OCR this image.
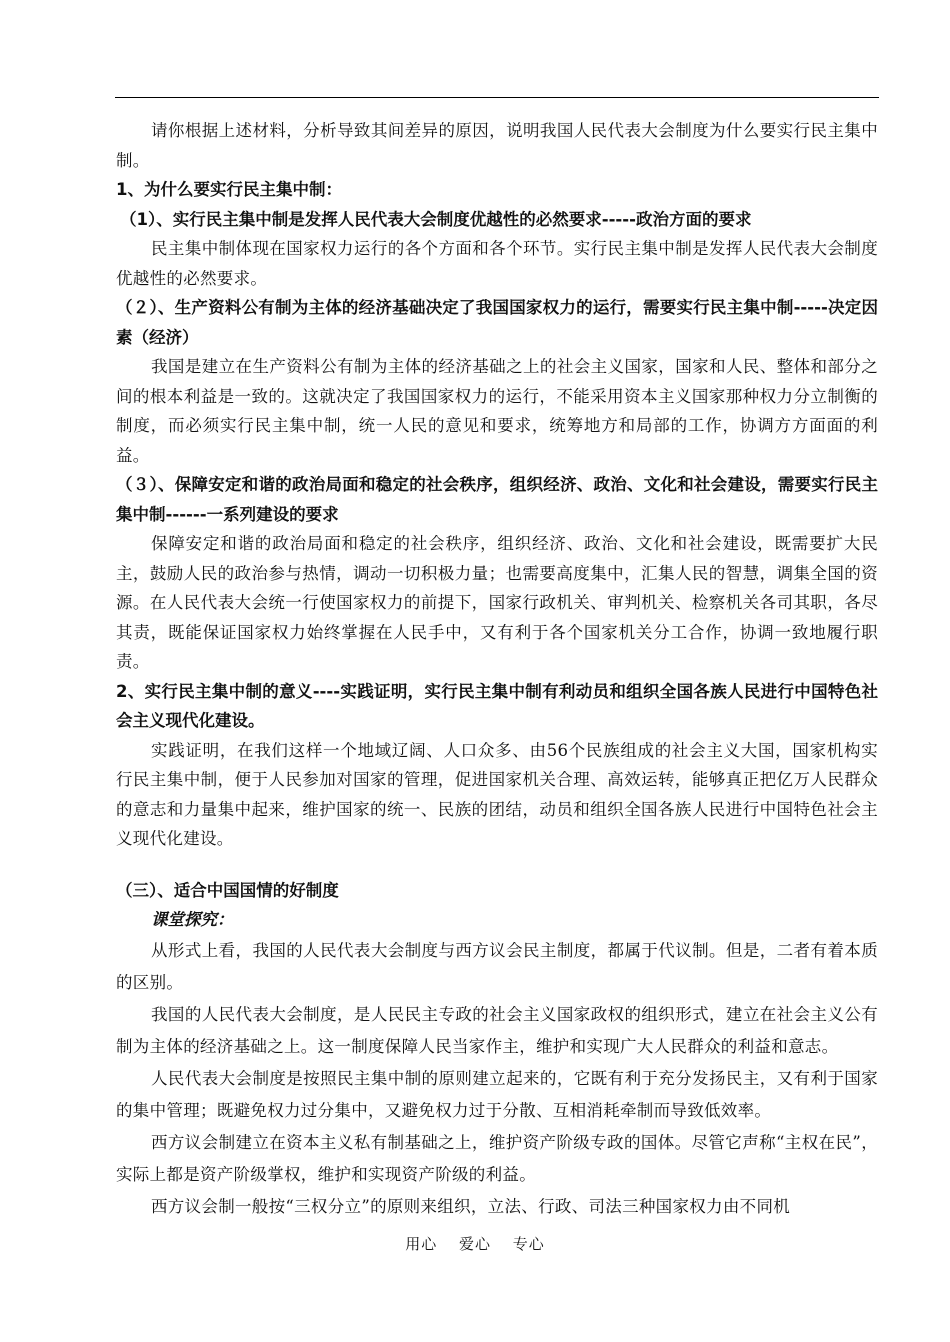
请你根据上述材料，分析导致其间差异的原因，说明我国人民代表大会制度为什么要实行民主集中制。

1、为什么要实行民主集中制：

（1）、实行民主集中制是发挥人民代表大会制度优越性的必然要求-----政治方面的要求

民主集中制体现在国家权力运行的各个方面和各个环节。实行民主集中制是发挥人民代表大会制度优越性的必然要求。

（２）、生产资料公有制为主体的经济基础决定了我国国家权力的运行，需要实行民主集中制-----决定因素（经济）

我国是建立在生产资料公有制为主体的经济基础之上的社会主义国家，国家和人民、整体和部分之间的根本利益是一致的。这就决定了我国国家权力的运行，不能采用资本主义国家那种权力分立制衡的制度，而必须实行民主集中制，统一人民的意见和要求，统筹地方和局部的工作，协调方方面面的利益。

（３）、保障安定和谐的政治局面和稳定的社会秩序，组织经济、政治、文化和社会建设，需要实行民主集中制------一系列建设的要求

保障安定和谐的政治局面和稳定的社会秩序，组织经济、政治、文化和社会建设，既需要扩大民主，鼓励人民的政治参与热情，调动一切积极力量；也需要高度集中，汇集人民的智慧，调集全国的资源。在人民代表大会统一行使国家权力的前提下，国家行政机关、审判机关、检察机关各司其职，各尽其责，既能保证国家权力始终掌握在人民手中，又有利于各个国家机关分工合作，协调一致地履行职责。

2、实行民主集中制的意义----实践证明，实行民主集中制有利动员和组织全国各族人民进行中国特色社会主义现代化建设。

实践证明，在我们这样一个地域辽阔、人口众多、由56个民族组成的社会主义大国，国家机构实行民主集中制，便于人民参加对国家的管理，促进国家机关合理、高效运转，能够真正把亿万人民群众的意志和力量集中起来，维护国家的统一、民族的团结，动员和组织全国各族人民进行中国特色社会主义现代化建设。

（三）、适合中国国情的好制度

课堂探究：

从形式上看，我国的人民代表大会制度与西方议会民主制度，都属于代议制。但是，二者有着本质的区别。

我国的人民代表大会制度，是人民民主专政的社会主义国家政权的组织形式，建立在社会主义公有制为主体的经济基础之上。这一制度保障人民当家作主，维护和实现广大人民群众的利益和意志。

人民代表大会制度是按照民主集中制的原则建立起来的，它既有利于充分发扬民主，又有利于国家的集中管理；既避免权力过分集中，又避免权力过于分散、互相消耗牵制而导致低效率。

西方议会制建立在资本主义私有制基础之上，维护资产阶级专政的国体。尽管它声称“主权在民”，实际上都是资产阶级掌权，维护和实现资产阶级的利益。

西方议会制一般按“三权分立”的原则来组织，立法、行政、司法三种国家权力由不同机

用心 爱心 专心
